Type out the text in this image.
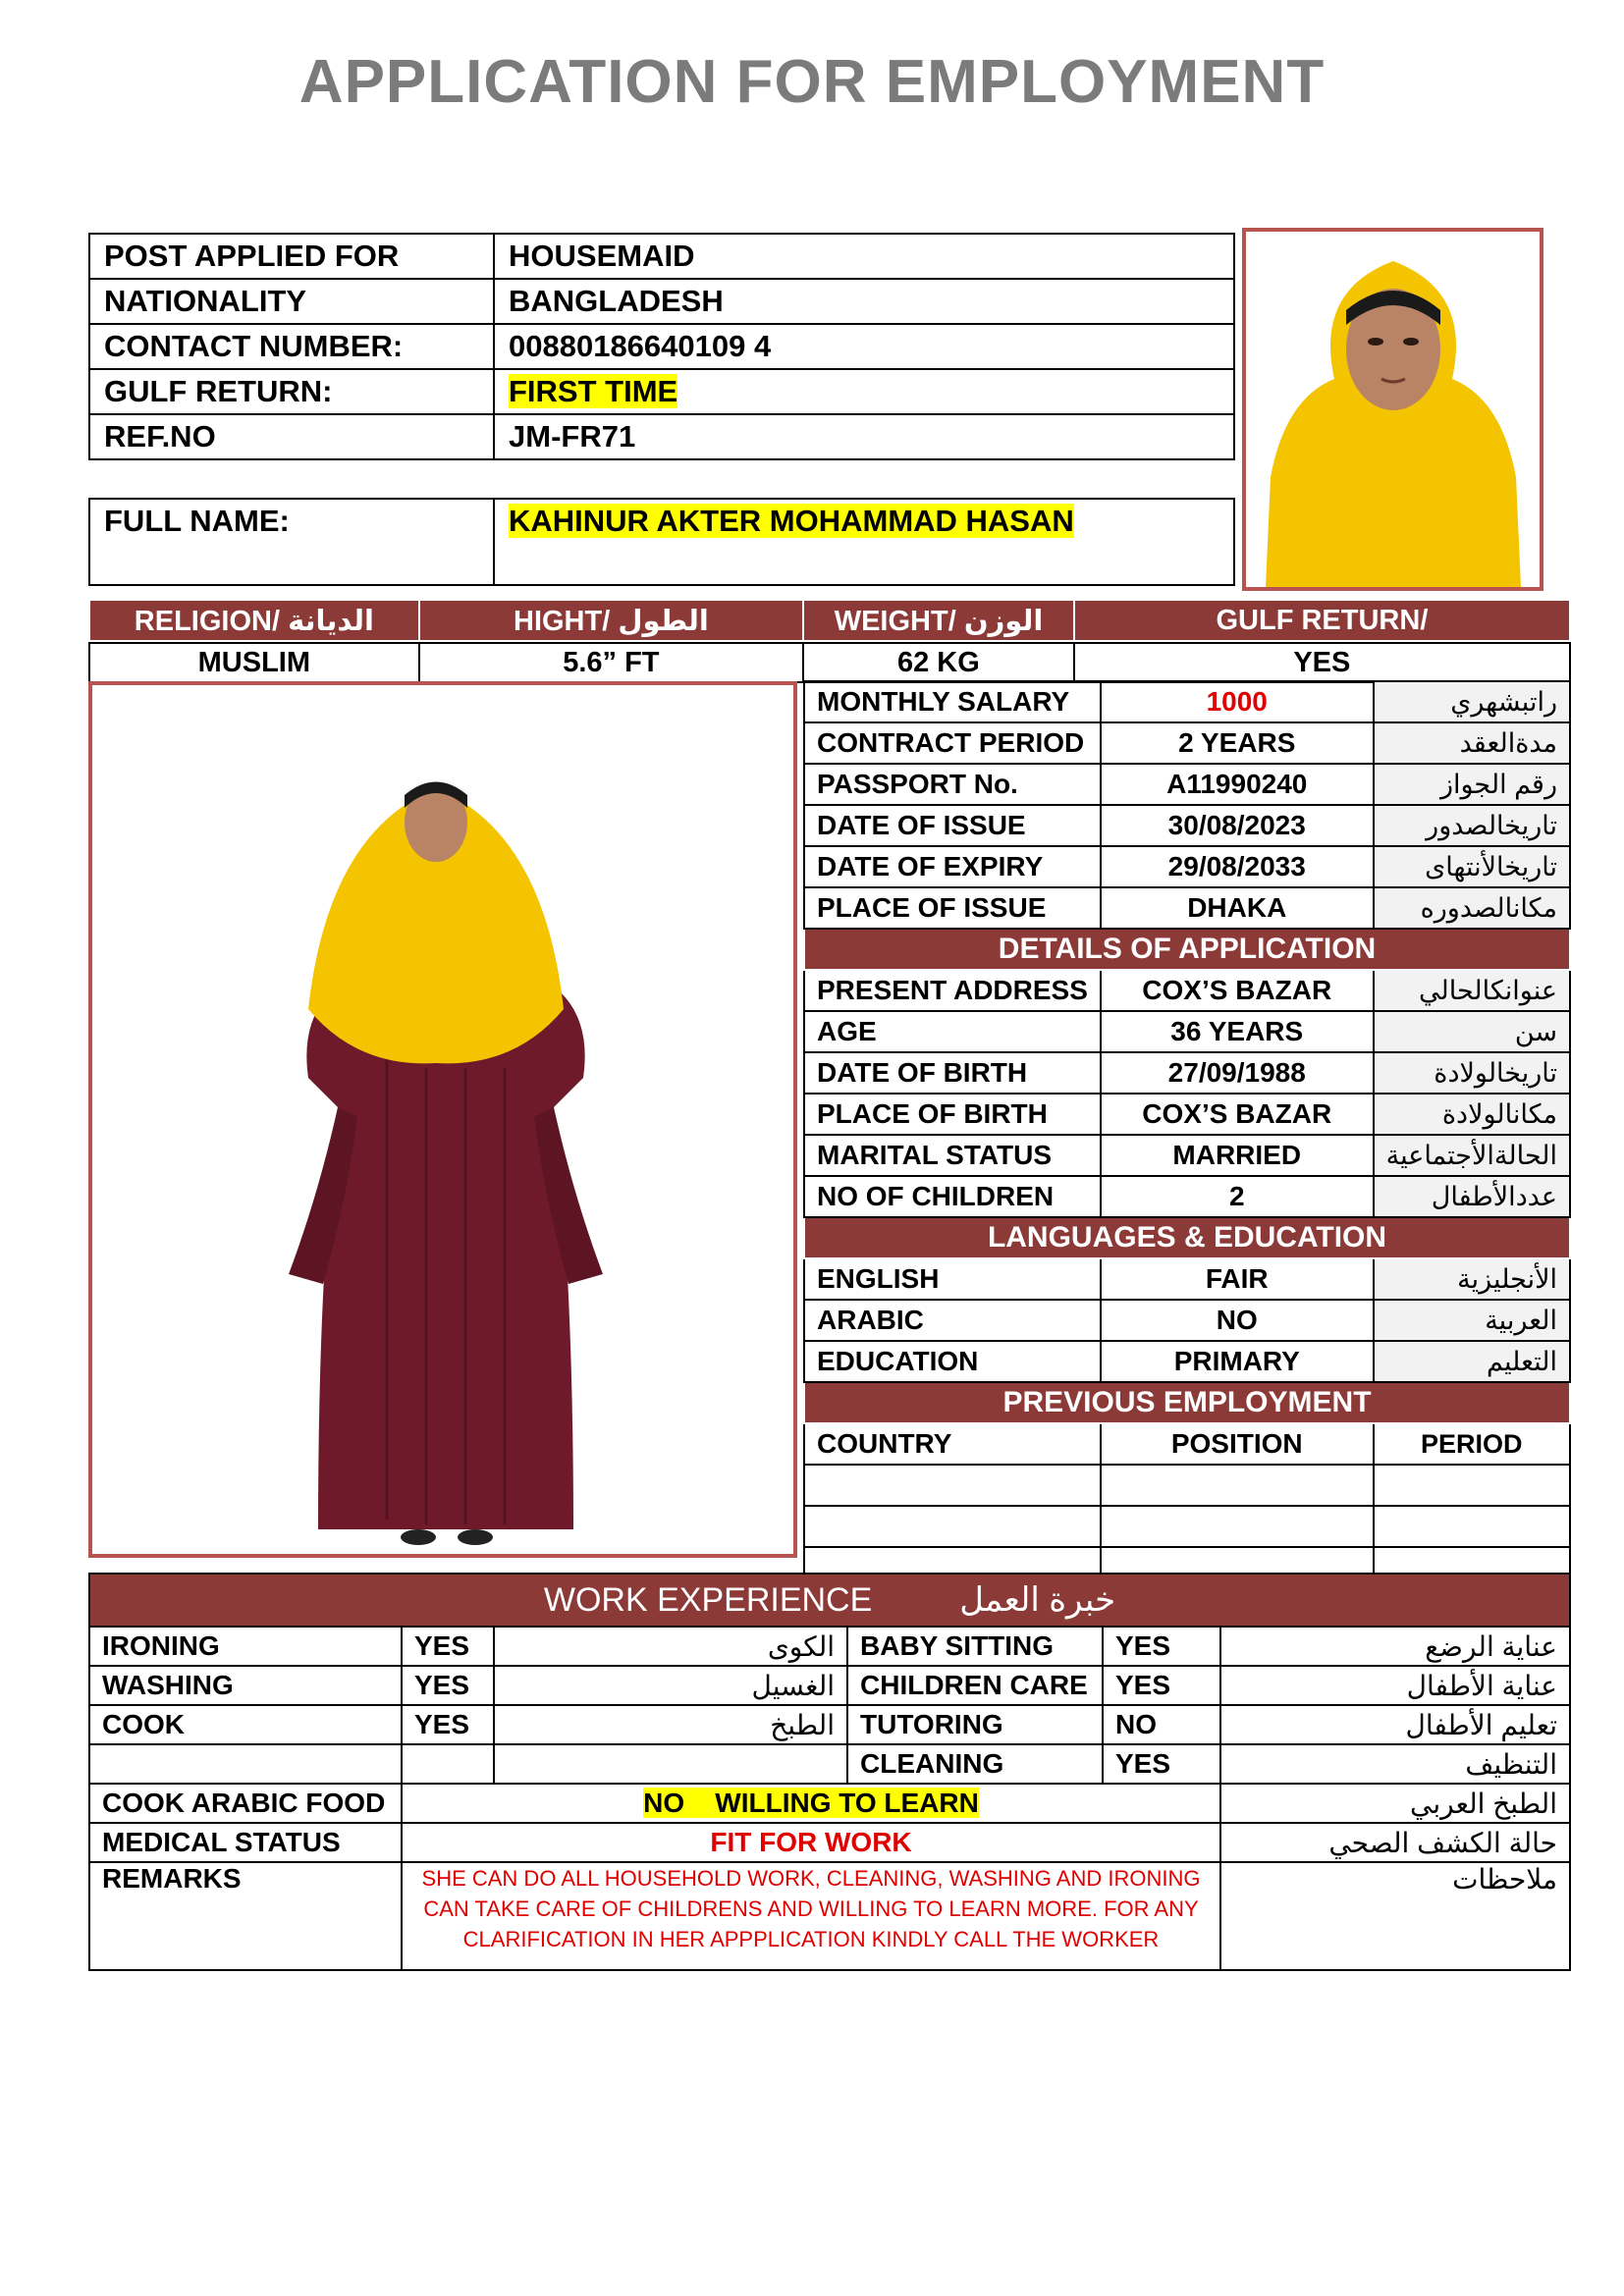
APPLICATION FOR EMPLOYMENT
POST APPLIED FOR	HOUSEMAID
NATIONALITY	BANGLADESH
CONTACT NUMBER:	00880186640109 4
GULF RETURN:	FIRST TIME
REF.NO	JM-FR71
FULL NAME:	KAHINUR AKTER MOHAMMAD HASAN
RELIGION/ الديانة	HIGHT/ الطول	WEIGHT/ الوزن	GULF RETURN/
MUSLIM	5.6” FT	62 KG	YES
MONTHLY SALARY	1000	راتبشهري
CONTRACT PERIOD	2 YEARS	مدةالعقد
PASSPORT No.	A11990240	رقم الجواز
DATE OF ISSUE	30/08/2023	تاريخالصدور
DATE OF EXPIRY	29/08/2033	تاريخالأنتهاى
PLACE OF ISSUE	DHAKA	مكانالصدوره
DETAILS OF APPLICATION		
PRESENT ADDRESS	COX’S BAZAR	عنوانكالحالي
AGE	36 YEARS	سن
DATE OF BIRTH	27/09/1988	تاريخالولادة
PLACE OF BIRTH	COX’S BAZAR	مكانالولادة
MARITAL STATUS	MARRIED	الحالةالأجتماعية
NO OF CHILDREN	2	عددالأطفال
LANGUAGES & EDUCATION		
ENGLISH	FAIR	الأنجليزية
ARABIC	NO	العربية
EDUCATION	PRIMARY	التعليم
PREVIOUS EMPLOYMENT		
COUNTRY	POSITION	PERIOD

WORK EXPERIENCE خبرة العمل					
IRONING	YES	الكوى	BABY SITTING	YES	عناية الرضع
WASHING	YES	الغسيل	CHILDREN CARE	YES	عناية الأطفال
COOK	YES	الطبخ	TUTORING	NO	تعليم الأطفال
			CLEANING	YES	التنظيف
COOK ARABIC FOOD	NO    WILLING TO LEARN				الطبخ العربي
MEDICAL STATUS	FIT FOR WORK				حالة الكشف الصحي
REMARKS	SHE CAN DO ALL HOUSEHOLD WORK, CLEANING, WASHING AND IRONING CAN TAKE CARE OF CHILDRENS AND WILLING TO LEARN MORE. FOR ANY CLARIFICATION IN HER APPPLICATION KINDLY CALL THE WORKER				ملاحظات
